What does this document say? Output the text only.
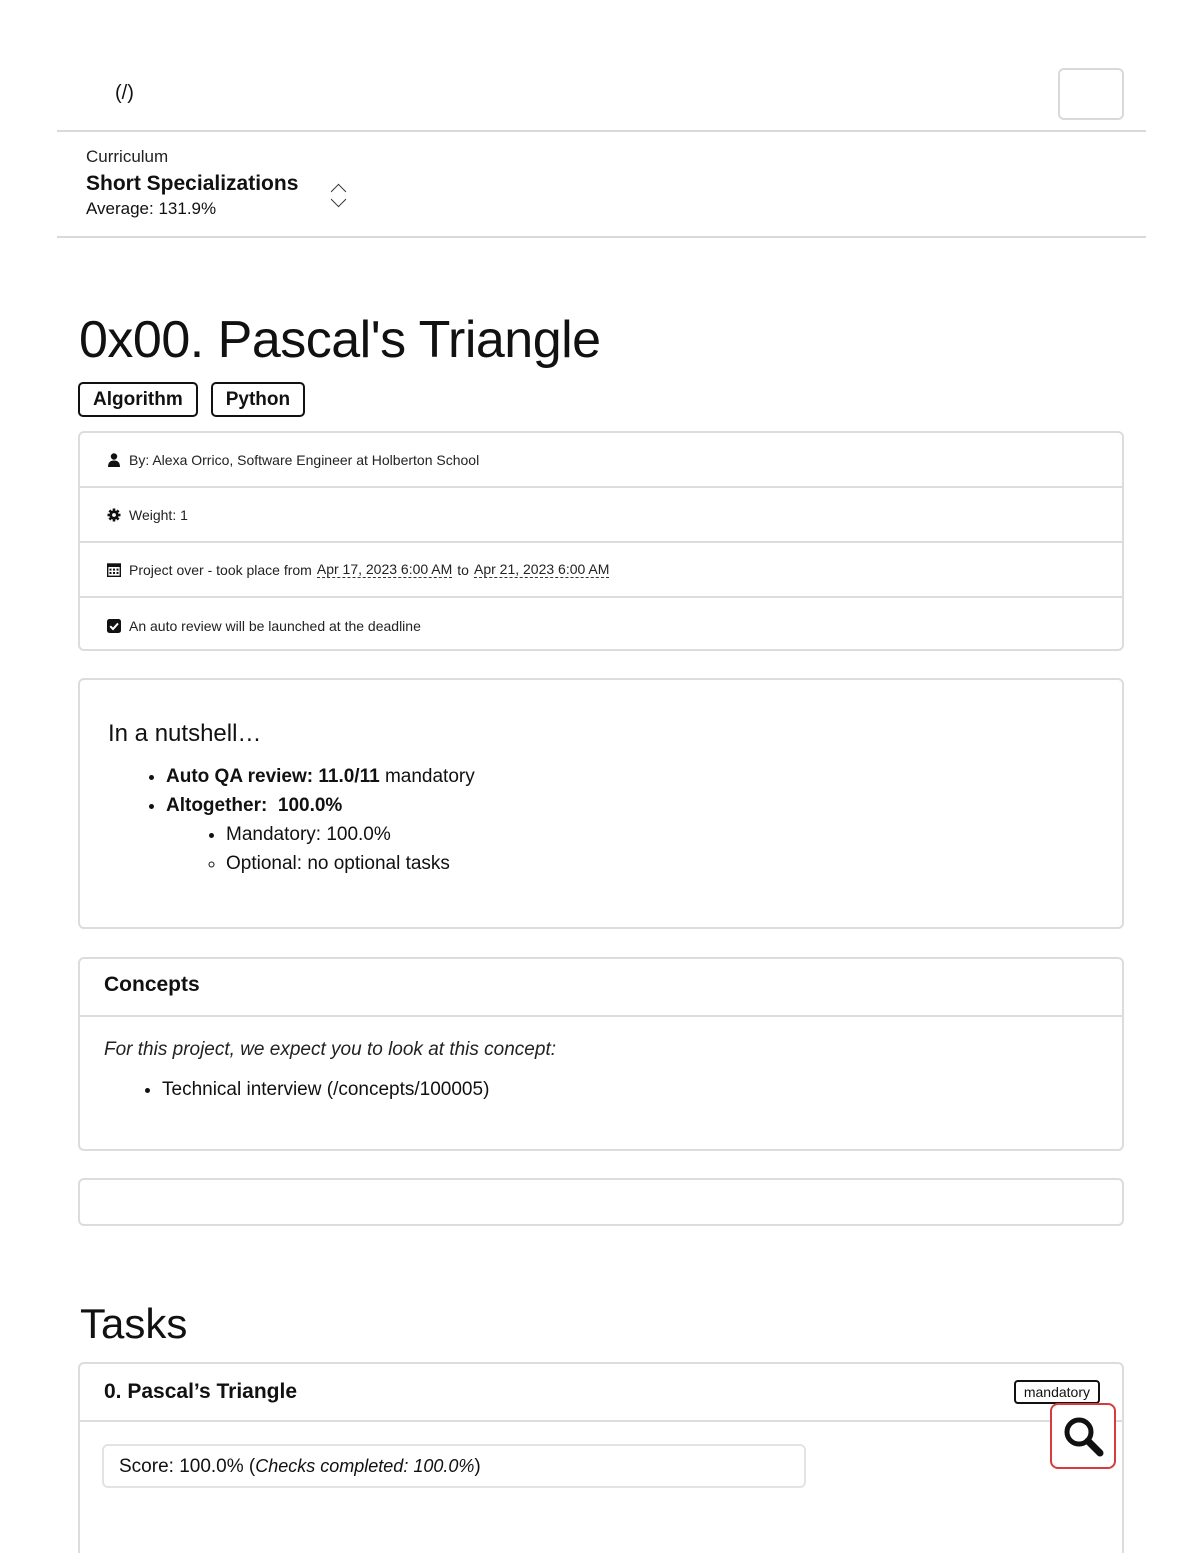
(/)
Curriculum
Short Specializations
Average: 131.9%
0x00. Pascal's Triangle
Algorithm	Python
By: Alexa Orrico, Software Engineer at Holberton School
Weight: 1
Project over - took place from Apr 17, 2023 6:00 AM to Apr 21, 2023 6:00 AM
An auto review will be launched at the deadline
In a nutshell…
• Auto QA review: 11.0/11 mandatory
• Altogether: 100.0%
• Mandatory: 100.0%
◦ Optional: no optional tasks
Concepts

For this project, we expect you to look at this concept:

• Technical interview (/concepts/100005)
Tasks
0. Pascal’s Triangle	mandatory
Score: 100.0% (Checks completed: 100.0%)
